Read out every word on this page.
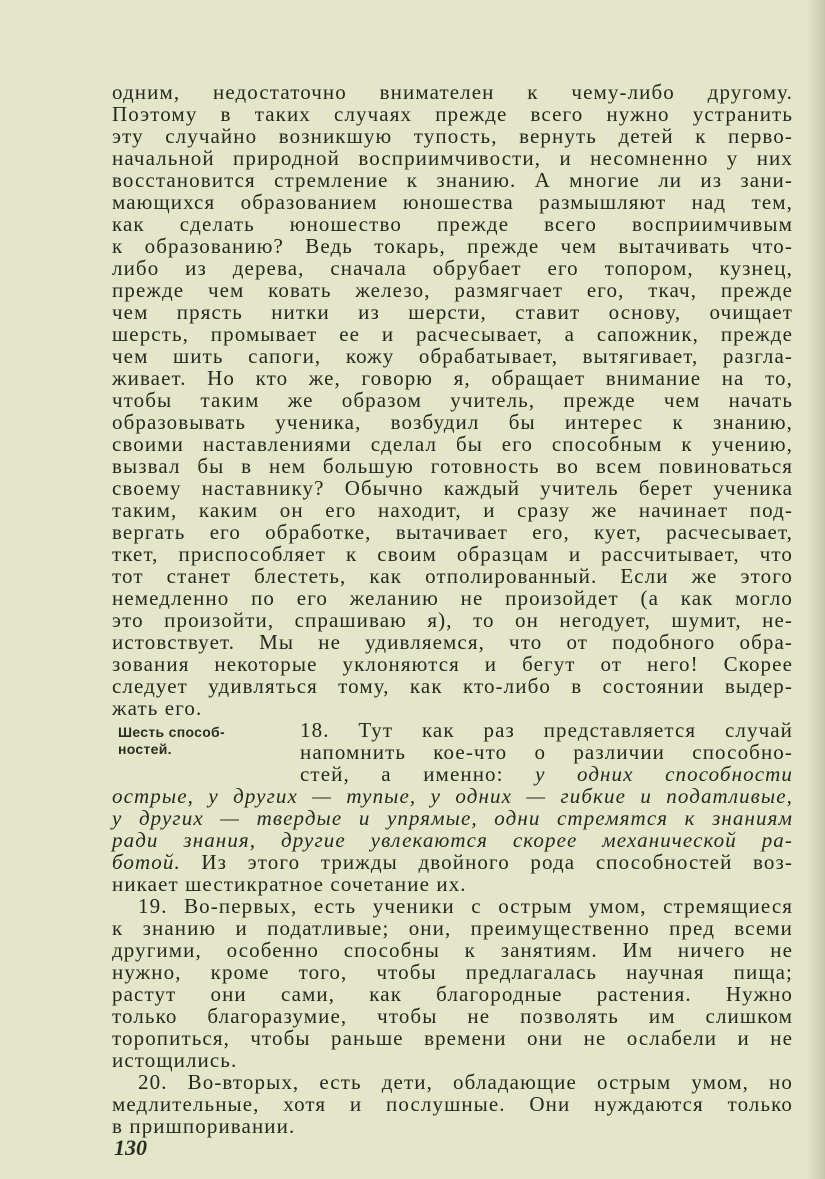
одним, недостаточно внимателен к чему-либо другому.
Поэтому в таких случаях прежде всего нужно устранить
эту случайно возникшую тупость, вернуть детей к перво-
начальной природной восприимчивости, и несомненно у них
восстановится стремление к знанию. А многие ли из зани-
мающихся образованием юношества размышляют над тем,
как сделать юношество прежде всего восприимчивым
к образованию? Ведь токарь, прежде чем вытачивать что-
либо из дерева, сначала обрубает его топором, кузнец,
прежде чем ковать железо, размягчает его, ткач, прежде
чем прясть нитки из шерсти, ставит основу, очищает
шерсть, промывает ее и расчесывает, а сапожник, прежде
чем шить сапоги, кожу обрабатывает, вытягивает, разгла-
живает. Но кто же, говорю я, обращает внимание на то,
чтобы таким же образом учитель, прежде чем начать
образовывать ученика, возбудил бы интерес к знанию,
своими наставлениями сделал бы его способным к учению,
вызвал бы в нем большую готовность во всем повиноваться
своему наставнику? Обычно каждый учитель берет ученика
таким, каким он его находит, и сразу же начинает под-
вергать его обработке, вытачивает его, кует, расчесывает,
ткет, приспособляет к своим образцам и рассчитывает, что
тот станет блестеть, как отполированный. Если же этого
немедленно по его желанию не произойдет (а как могло
это произойти, спрашиваю я), то он негодует, шумит, не-
истовствует. Мы не удивляемся, что от подобного обра-
зования некоторые уклоняются и бегут от него! Скорее
следует удивляться тому, как кто-либо в состоянии выдер-
жать его.
18. Тут как раз представляется случай
напомнить кое-что о различии способно-
стей, а именно: у одних способности
острые, у других — тупые, у одних — гибкие и податливые,
у других — твердые и упрямые, одни стремятся к знаниям
ради знания, другие увлекаются скорее механической ра-
ботой. Из этого трижды двойного рода способностей воз-
никает шестикратное сочетание их.
19. Во-первых, есть ученики с острым умом, стремящиеся
к знанию и податливые; они, преимущественно пред всеми
другими, особенно способны к занятиям. Им ничего не
нужно, кроме того, чтобы предлагалась научная пища;
растут они сами, как благородные растения. Нужно
только благоразумие, чтобы не позволять им слишком
торопиться, чтобы раньше времени они не ослабели и не
истощились.
20. Во-вторых, есть дети, обладающие острым умом, но
медлительные, хотя и послушные. Они нуждаются только
в пришпоривании.
Шесть способ-
ностей.
130
